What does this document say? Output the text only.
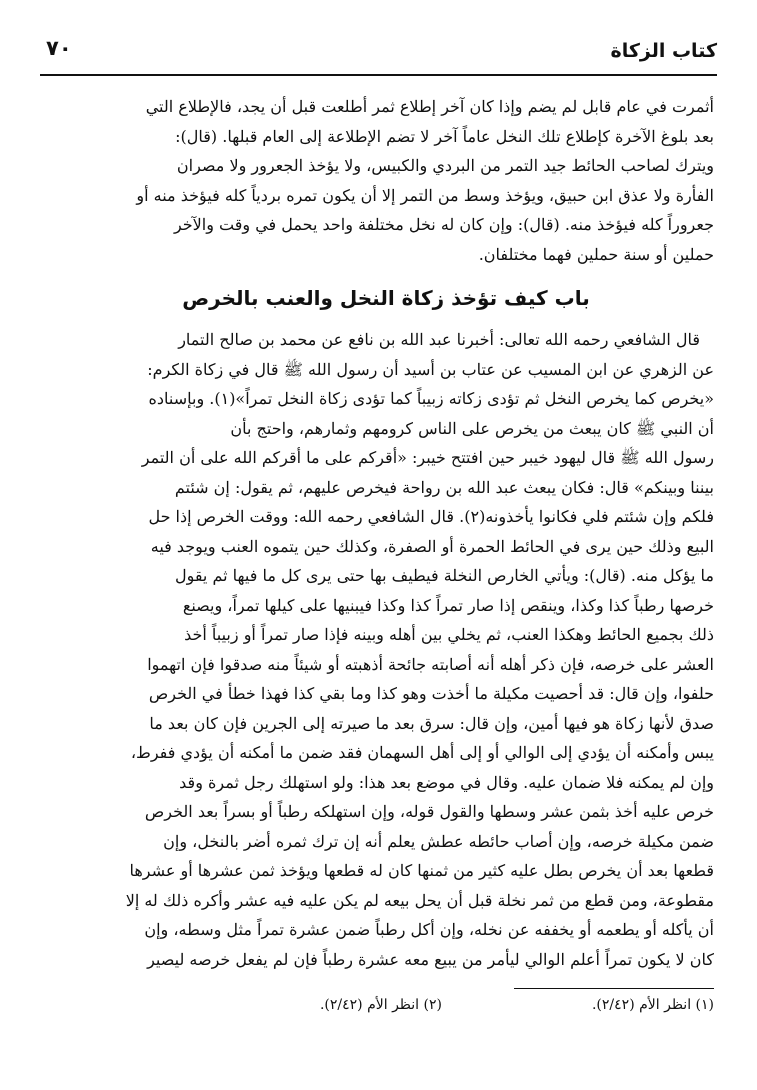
كتاب الزكاة
٧٠
أثمرت في عام قابل لم يضم وإذا كان آخر إطلاع ثمر أطلعت قبل أن يجد، فالإطلاع التي
بعد بلوغ الآخرة كإطلاع تلك النخل عاماً آخر لا تضم الإطلاعة إلى العام قبلها. (قال):
ويترك لصاحب الحائط جيد التمر من البردي والكبيس، ولا يؤخذ الجعرور ولا مصران
الفأرة ولا عذق ابن حبيق، ويؤخذ وسط من التمر إلا أن يكون تمره بردياً كله فيؤخذ منه أو
جعروراً كله فيؤخذ منه. (قال): وإن كان له نخل مختلفة واحد يحمل في وقت والآخر
حملين أو سنة حملين فهما مختلفان.
باب كيف تؤخذ زكاة النخل والعنب بالخرص
قال الشافعي رحمه الله تعالى: أخبرنا عبد الله بن نافع عن محمد بن صالح التمار
عن الزهري عن ابن المسيب عن عتاب بن أسيد أن رسول الله ﷺ قال في زكاة الكرم:
«يخرص كما يخرص النخل ثم تؤدى زكاته زبيباً كما تؤدى زكاة النخل تمراً»(١). وبإسناده
أن النبي ﷺ كان يبعث من يخرص على الناس كرومهم وثمارهم، واحتج بأن
رسول الله ﷺ قال ليهود خيبر حين افتتح خيبر: «أقركم على ما أقركم الله على أن التمر
بيننا وبينكم» قال: فكان يبعث عبد الله بن رواحة فيخرص عليهم، ثم يقول: إن شئتم
فلكم وإن شئتم فلي فكانوا يأخذونه(٢). قال الشافعي رحمه الله: ووقت الخرص إذا حل
البيع وذلك حين يرى في الحائط الحمرة أو الصفرة، وكذلك حين يتموه العنب ويوجد فيه
ما يؤكل منه. (قال): ويأتي الخارص النخلة فيطيف بها حتى يرى كل ما فيها ثم يقول
خرصها رطباً كذا وكذا، وينقص إذا صار تمراً كذا وكذا فيبنيها على كيلها تمراً، ويصنع
ذلك بجميع الحائط وهكذا العنب، ثم يخلي بين أهله وبينه فإذا صار تمراً أو زبيباً أخذ
العشر على خرصه، فإن ذكر أهله أنه أصابته جائحة أذهبته أو شيئاً منه صدقوا فإن اتهموا
حلفوا، وإن قال: قد أحصيت مكيلة ما أخذت وهو كذا وما بقي كذا فهذا خطأ في الخرص
صدق لأنها زكاة هو فيها أمين، وإن قال: سرق بعد ما صيرته إلى الجرين فإن كان بعد ما
يبس وأمكنه أن يؤدي إلى الوالي أو إلى أهل السهمان فقد ضمن ما أمكنه أن يؤدي ففرط،
وإن لم يمكنه فلا ضمان عليه. وقال في موضع بعد هذا: ولو استهلك رجل ثمرة وقد
خرص عليه أخذ بثمن عشر وسطها والقول قوله، وإن استهلكه رطباً أو بسراً بعد الخرص
ضمن مكيلة خرصه، وإن أصاب حائطه عطش يعلم أنه إن ترك ثمره أضر بالنخل، وإن
قطعها بعد أن يخرص بطل عليه كثير من ثمنها كان له قطعها ويؤخذ ثمن عشرها أو عشرها
مقطوعة، ومن قطع من ثمر نخلة قبل أن يحل بيعه لم يكن عليه فيه عشر وأكره ذلك له إلا
أن يأكله أو يطعمه أو يخففه عن نخله، وإن أكل رطباً ضمن عشرة تمراً مثل وسطه، وإن
كان لا يكون تمراً أعلم الوالي ليأمر من يبيع معه عشرة رطباً فإن لم يفعل خرصه ليصير
(١) انظر الأم (٢/٤٢).
(٢) انظر الأم (٢/٤٢).
